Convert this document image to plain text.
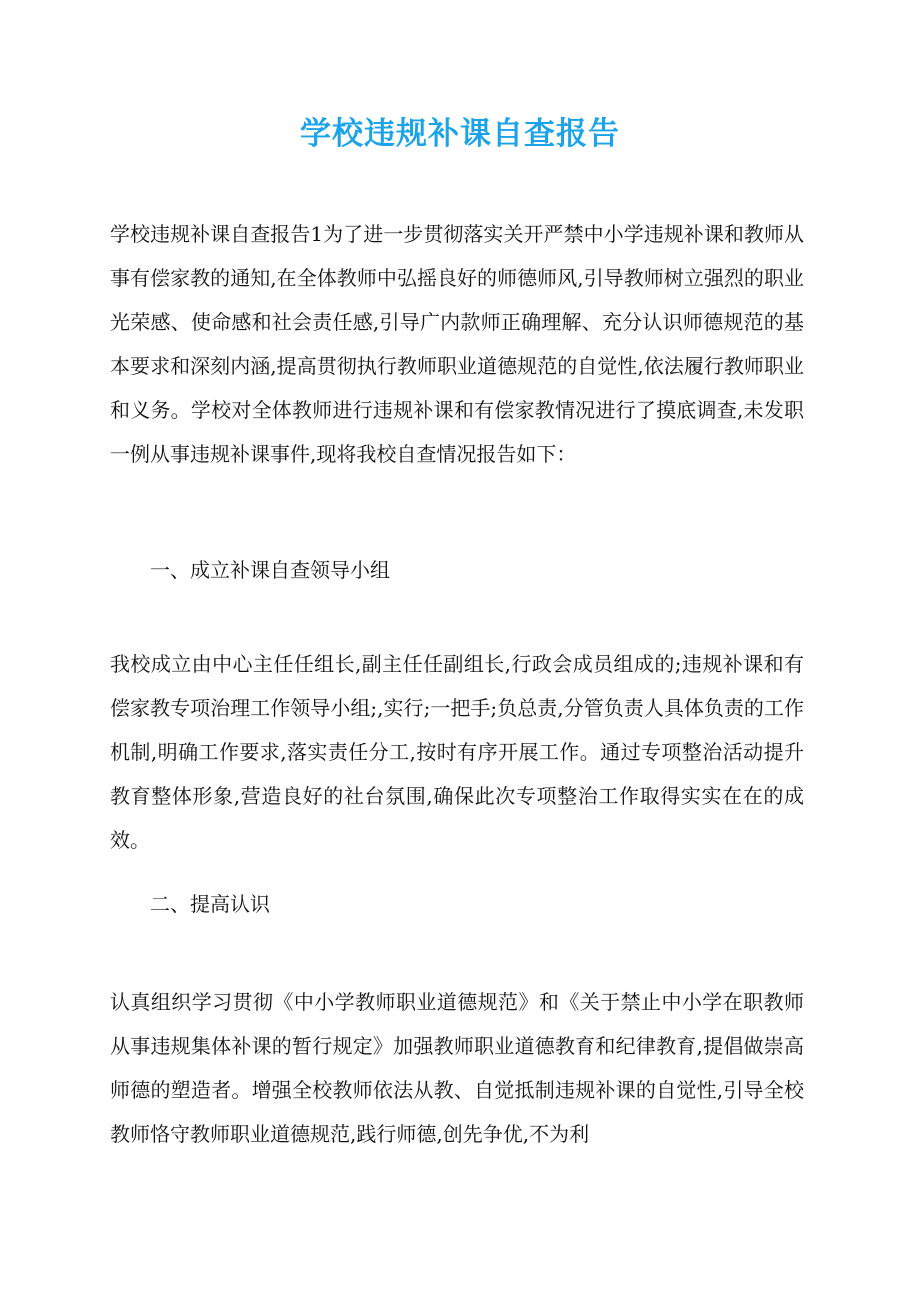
学校违规补课自查报告

学校违规补课自查报告1为了进一步贯彻落实关开严禁中小学违规补课和教师从事有偿家教的通知,在全体教师中弘摇良好的师德师风,引导教师树立强烈的职业光荣感、使命感和社会责任感,引导广内款师正确理解、充分认识师德规范的基本要求和深刻内涵,提高贯彻执行教师职业道德规范的自觉性,依法履行教师职业和义务。学校对全体教师进行违规补课和有偿家教情况进行了摸底调查,未发职一例从事违规补课事件,现将我校自查情况报告如下：

一、成立补课自查领导小组

我校成立由中心主任任组长,副主任任副组长,行政会成员组成的;违规补课和有偿家教专项治理工作领导小组;,实行;一把手;负总责,分管负责人具体负责的工作机制,明确工作要求,落实责任分工,按时有序开展工作。通过专项整治活动提升教育整体形象,营造良好的社台氛围,确保此次专项整治工作取得实实在在的成效。

二、提高认识

认真组织学习贯彻《中小学教师职业道德规范》和《关于禁止中小学在职教师从事违规集体补课的暂行规定》加强教师职业道德教育和纪律教育,提倡做崇高师德的塑造者。增强全校教师依法从教、自觉抵制违规补课的自觉性,引导全校教师恪守教师职业道德规范,践行师德,创先争优,不为利
